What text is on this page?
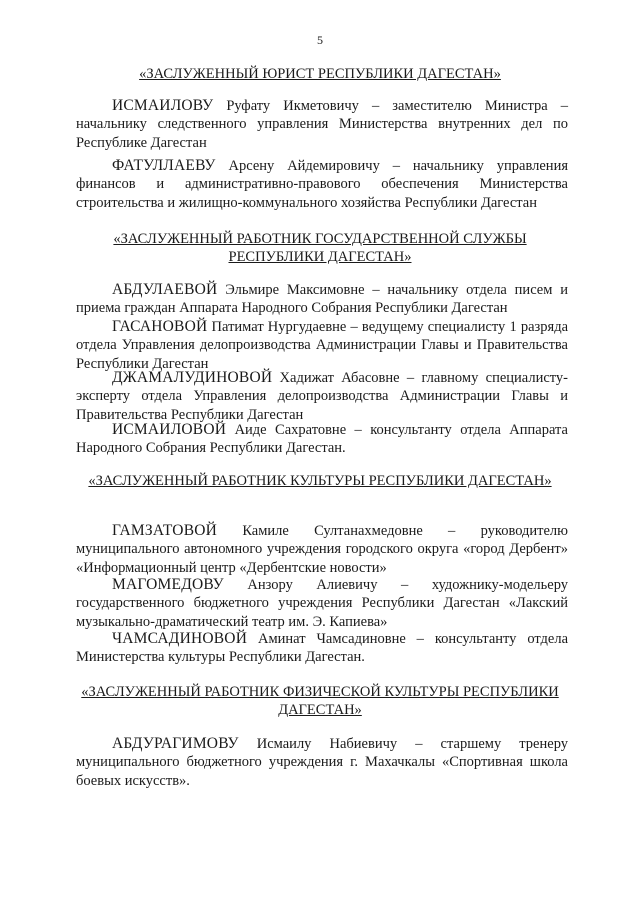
5
«ЗАСЛУЖЕННЫЙ ЮРИСТ РЕСПУБЛИКИ ДАГЕСТАН»
ИСМАИЛОВУ Руфату Икметовичу – заместителю Министра – начальнику следственного управления Министерства внутренних дел по Республике Дагестан
ФАТУЛЛАЕВУ Арсену Айдемировичу – начальнику управления финансов и административно-правового обеспечения Министерства строительства и жилищно-коммунального хозяйства Республики Дагестан
«ЗАСЛУЖЕННЫЙ РАБОТНИК ГОСУДАРСТВЕННОЙ СЛУЖБЫ РЕСПУБЛИКИ ДАГЕСТАН»
АБДУЛАЕВОЙ Эльмире Максимовне – начальнику отдела писем и приема граждан Аппарата Народного Собрания Республики Дагестан
ГАСАНОВОЙ Патимат Нургудаевне – ведущему специалисту 1 разряда отдела Управления делопроизводства Администрации Главы и Правительства Республики Дагестан
ДЖАМАЛУДИНОВОЙ Хадижат Абасовне – главному специалисту-эксперту отдела Управления делопроизводства Администрации Главы и Правительства Республики Дагестан
ИСМАИЛОВОЙ Аиде Сахратовне – консультанту отдела Аппарата Народного Собрания Республики Дагестан.
«ЗАСЛУЖЕННЫЙ РАБОТНИК КУЛЬТУРЫ РЕСПУБЛИКИ ДАГЕСТАН»
ГАМЗАТОВОЙ Камиле Султанахмедовне – руководителю муниципального автономного учреждения городского округа «город Дербент» «Информационный центр «Дербентские новости»
МАГОМЕДОВУ Анзору Алиевичу – художнику-модельеру государственного бюджетного учреждения Республики Дагестан «Лакский музыкально-драматический театр им. Э. Капиева»
ЧАМСАДИНОВОЙ Аминат Чамсадиновне – консультанту отдела Министерства культуры Республики Дагестан.
«ЗАСЛУЖЕННЫЙ РАБОТНИК ФИЗИЧЕСКОЙ КУЛЬТУРЫ РЕСПУБЛИКИ ДАГЕСТАН»
АБДУРАГИМОВУ Исмаилу Набиевичу – старшему тренеру муниципального бюджетного учреждения г. Махачкалы «Спортивная школа боевых искусств».
